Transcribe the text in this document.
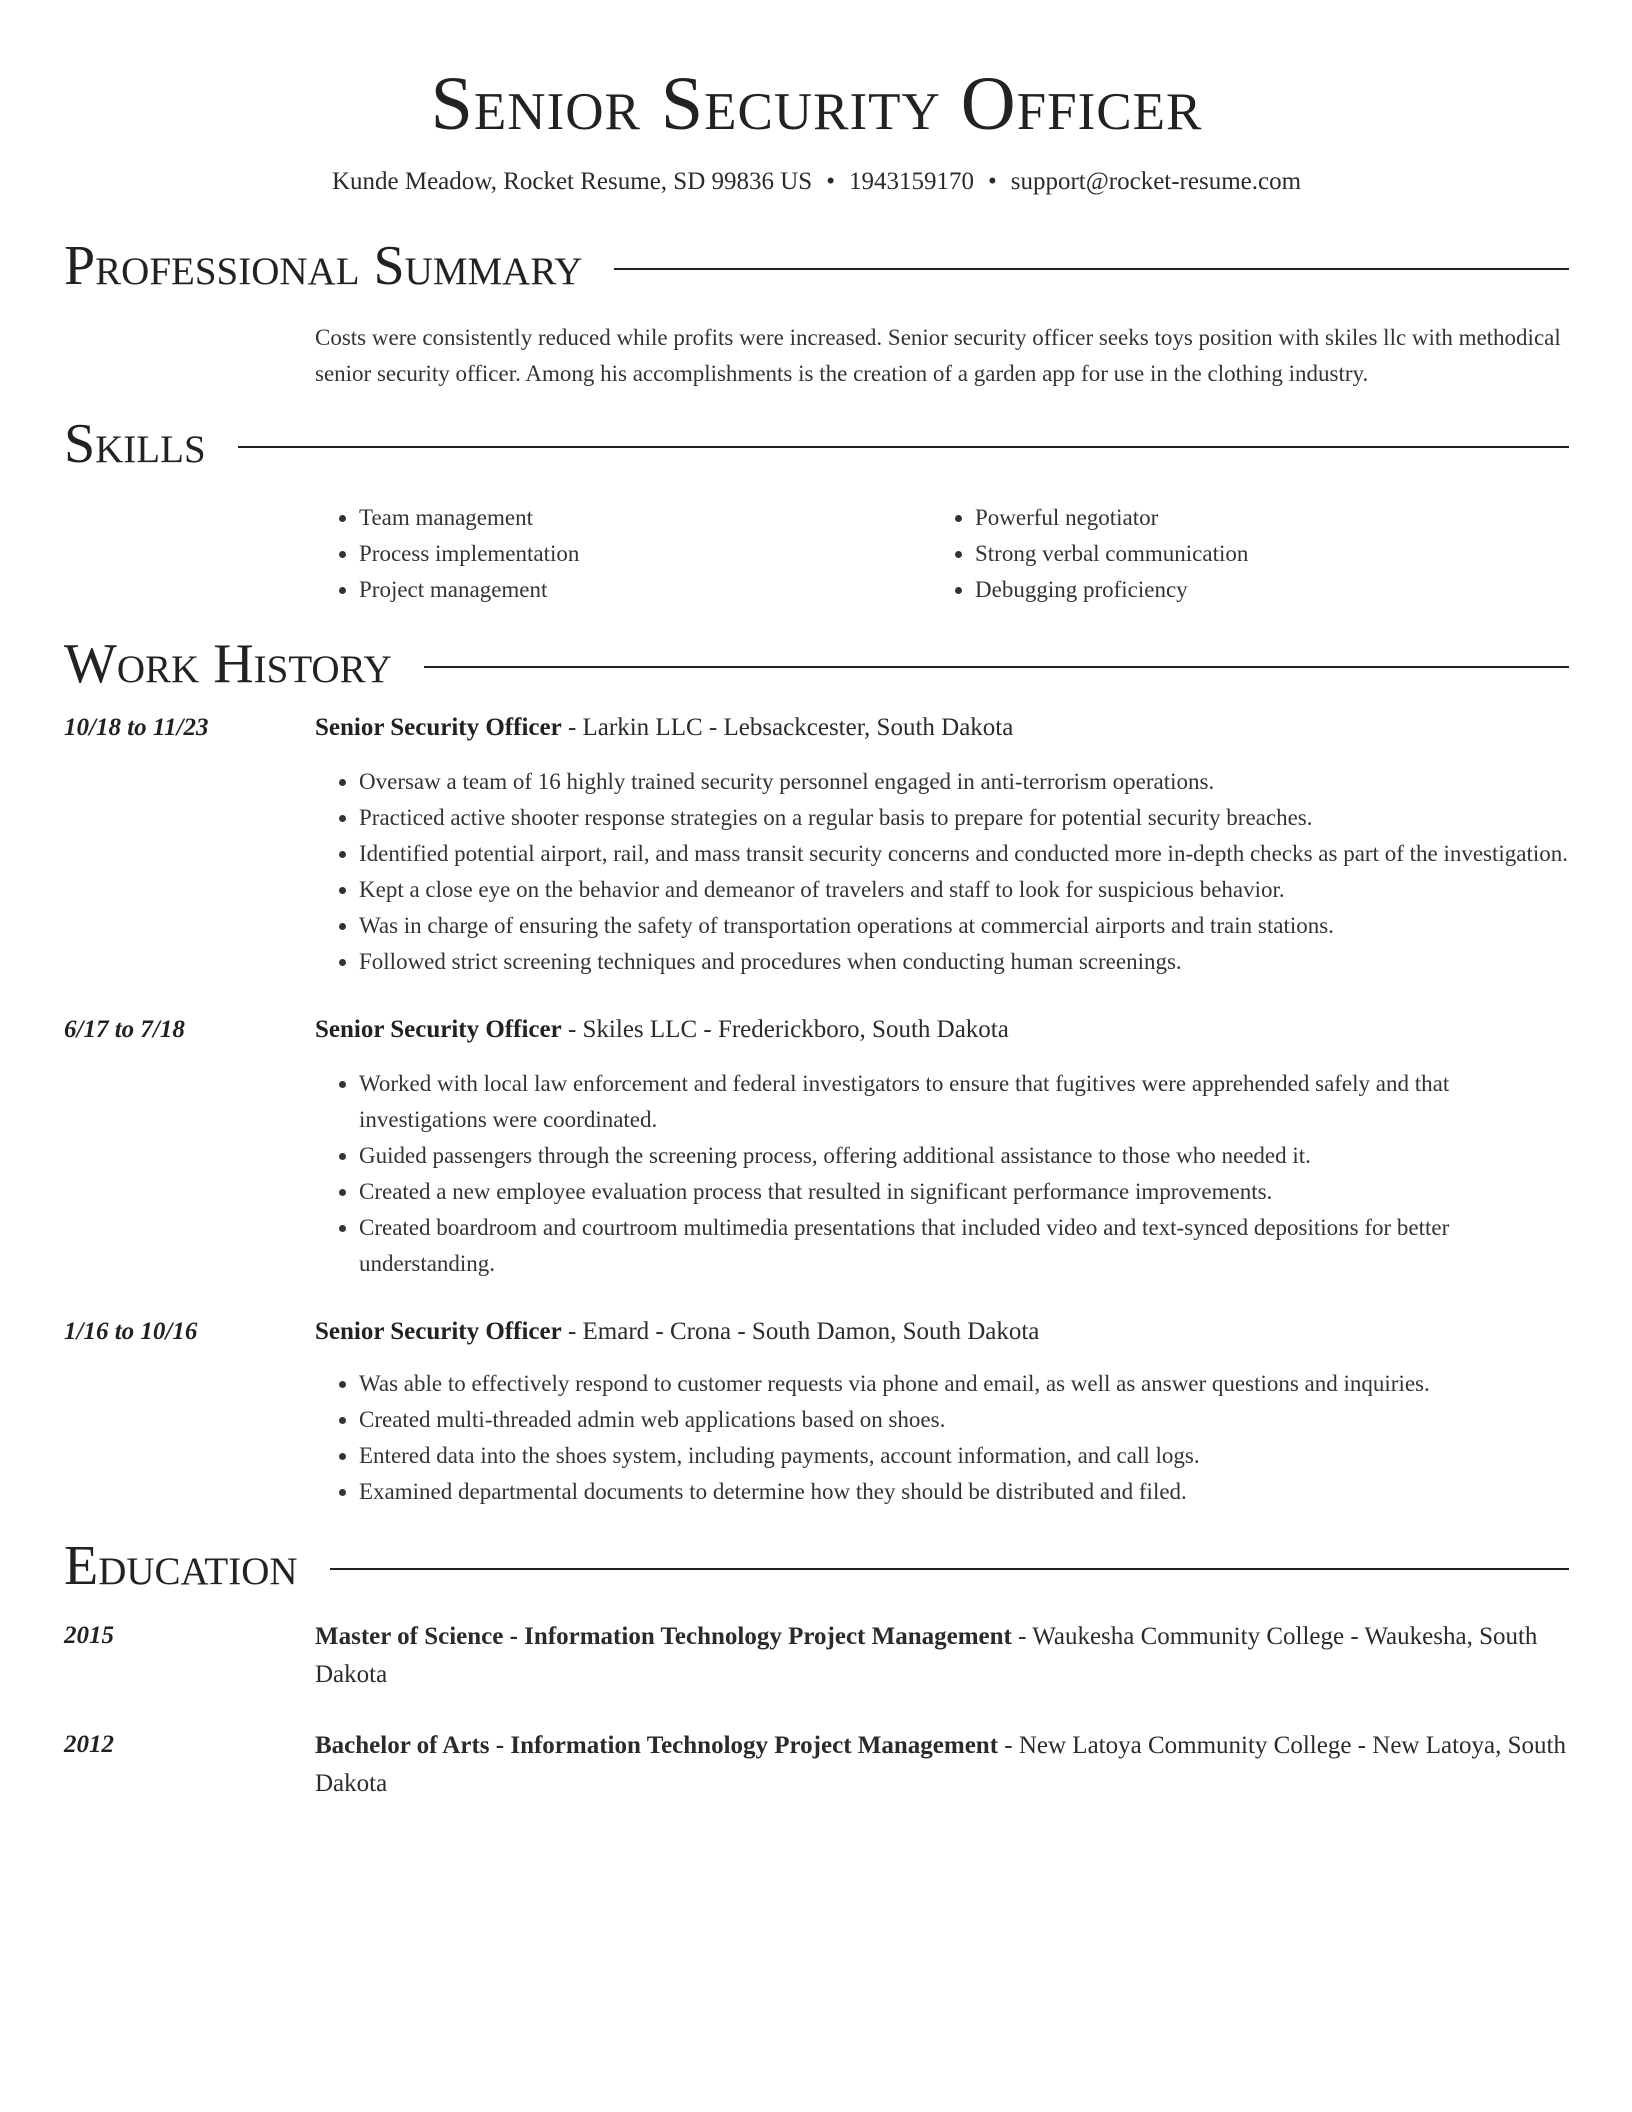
Senior Security Officer
Kunde Meadow, Rocket Resume, SD 99836 US • 1943159170 • support@rocket-resume.com
Professional Summary
Costs were consistently reduced while profits were increased. Senior security officer seeks toys position with skiles llc with methodical senior security officer. Among his accomplishments is the creation of a garden app for use in the clothing industry.
Skills
• Team management
• Process implementation
• Project management
• Powerful negotiator
• Strong verbal communication
• Debugging proficiency
Work History
10/18 to 11/23	Senior Security Officer - Larkin LLC - Lebsackcester, South Dakota
• Oversaw a team of 16 highly trained security personnel engaged in anti-terrorism operations.
• Practiced active shooter response strategies on a regular basis to prepare for potential security breaches.
• Identified potential airport, rail, and mass transit security concerns and conducted more in-depth checks as part of the investigation.
• Kept a close eye on the behavior and demeanor of travelers and staff to look for suspicious behavior.
• Was in charge of ensuring the safety of transportation operations at commercial airports and train stations.
• Followed strict screening techniques and procedures when conducting human screenings.
6/17 to 7/18	Senior Security Officer - Skiles LLC - Frederickboro, South Dakota
• Worked with local law enforcement and federal investigators to ensure that fugitives were apprehended safely and that investigations were coordinated.
• Guided passengers through the screening process, offering additional assistance to those who needed it.
• Created a new employee evaluation process that resulted in significant performance improvements.
• Created boardroom and courtroom multimedia presentations that included video and text-synced depositions for better understanding.
1/16 to 10/16	Senior Security Officer - Emard - Crona - South Damon, South Dakota
• Was able to effectively respond to customer requests via phone and email, as well as answer questions and inquiries.
• Created multi-threaded admin web applications based on shoes.
• Entered data into the shoes system, including payments, account information, and call logs.
• Examined departmental documents to determine how they should be distributed and filed.
Education
2015	Master of Science - Information Technology Project Management - Waukesha Community College - Waukesha, South Dakota
2012	Bachelor of Arts - Information Technology Project Management - New Latoya Community College - New Latoya, South Dakota
